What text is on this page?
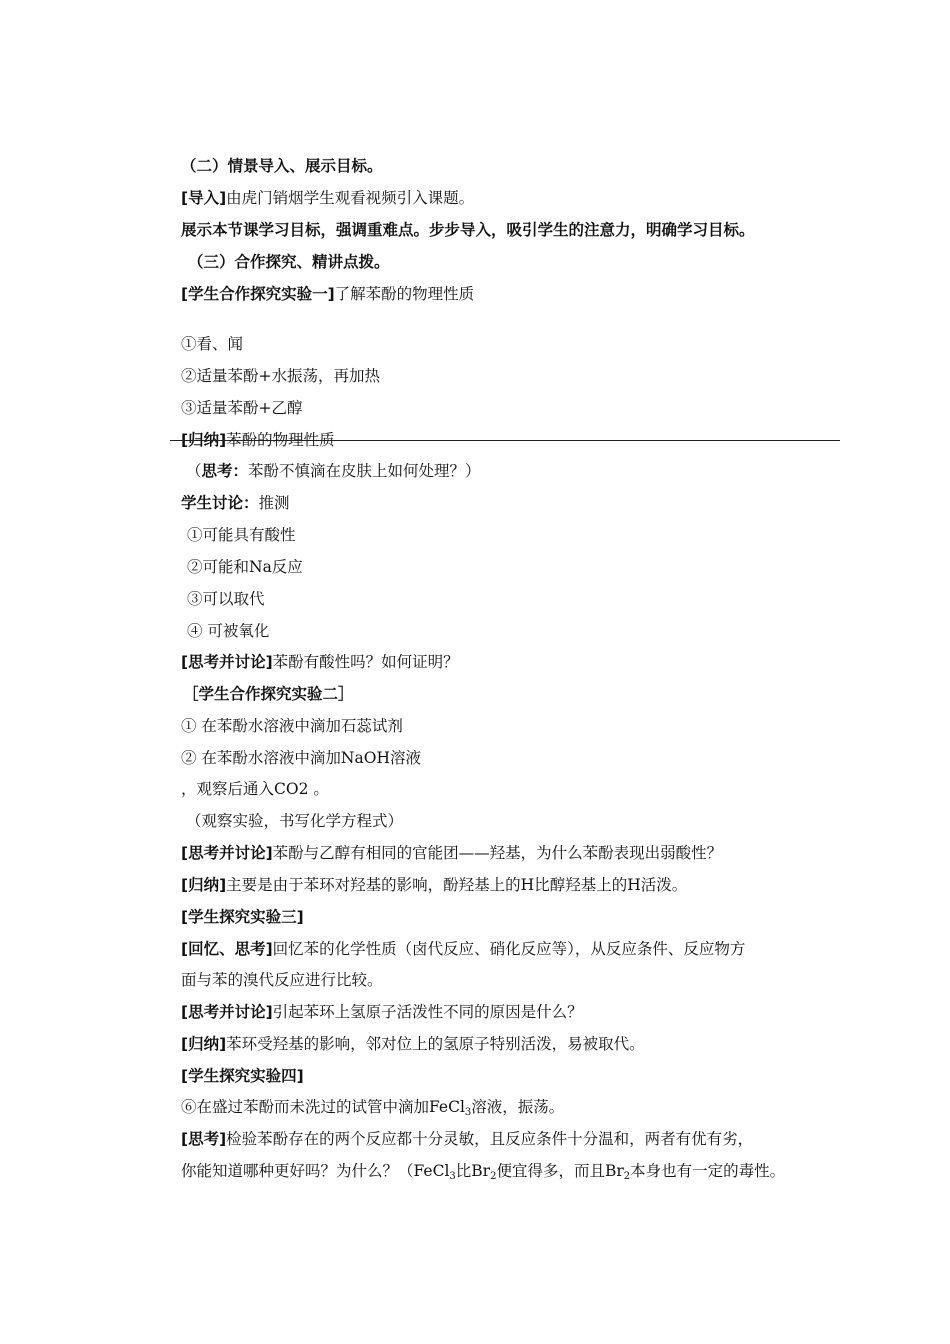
（二）情景导入、展示目标。
[导入]由虎门销烟学生观看视频引入课题。
展示本节课学习目标，强调重难点。步步导入，吸引学生的注意力，明确学习目标。
（三）合作探究、精讲点拨。
[学生合作探究实验一]了解苯酚的物理性质
①看、闻
②适量苯酚+水振荡，再加热
③适量苯酚+乙醇
[归纳]苯酚的物理性质
（思考：苯酚不慎滴在皮肤上如何处理？）
学生讨论：推测
①可能具有酸性
②可能和Na反应
③可以取代
④ 可被氧化
[思考并讨论]苯酚有酸性吗？如何证明？
［学生合作探究实验二］
① 在苯酚水溶液中滴加石蕊试剂
② 在苯酚水溶液中滴加NaOH溶液
，观察后通入CO2 。
（观察实验，书写化学方程式）
[思考并讨论]苯酚与乙醇有相同的官能团——羟基，为什么苯酚表现出弱酸性？
[归纳]主要是由于苯环对羟基的影响，酚羟基上的H比醇羟基上的H活泼。
[学生探究实验三]
[回忆、思考]回忆苯的化学性质（卤代反应、硝化反应等），从反应条件、反应物方
面与苯的溴代反应进行比较。
[思考并讨论]引起苯环上氢原子活泼性不同的原因是什么？
[归纳]苯环受羟基的影响，邻对位上的氢原子特别活泼，易被取代。
[学生探究实验四]
⑥在盛过苯酚而未洗过的试管中滴加FeCl$_3$溶液，振荡。
[思考]检验苯酚存在的两个反应都十分灵敏，且反应条件十分温和，两者有优有劣，
你能知道哪种更好吗？为什么？（FeCl$_3$比$Br_2$便宜得多，而且$Br_2$本身也有一定的毒性。
